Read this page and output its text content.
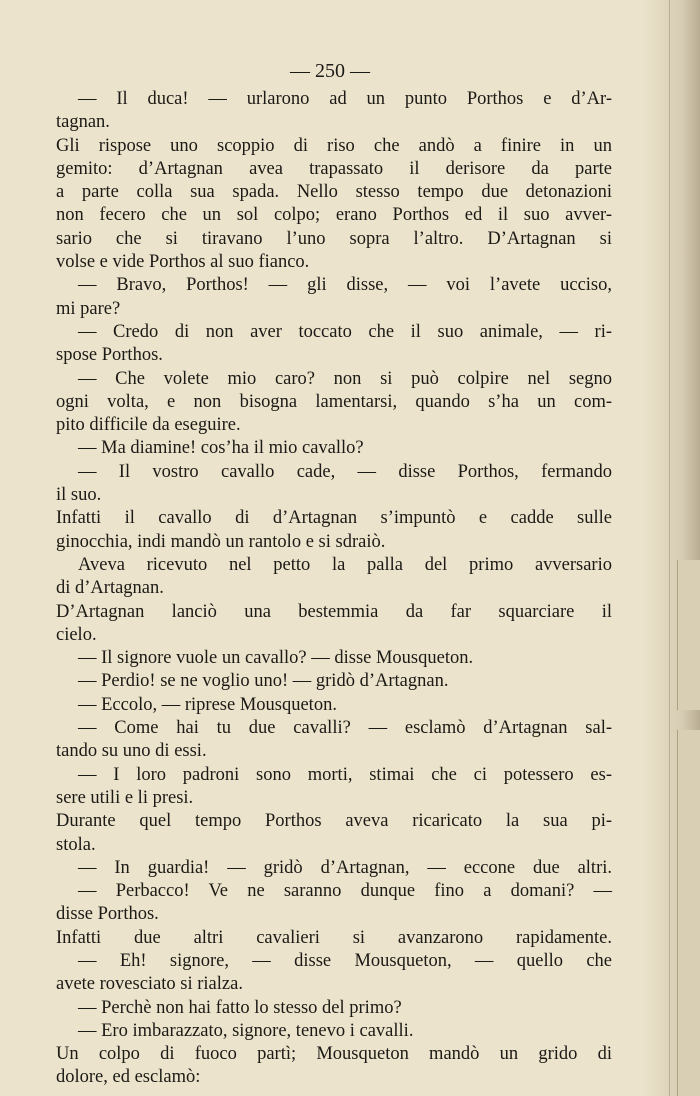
— 250 —
— Il duca! — urlarono ad un punto Porthos e d’Ar-
tagnan.
Gli rispose uno scoppio di riso che andò a finire in un
gemito: d’Artagnan avea trapassato il derisore da parte
a parte colla sua spada. Nello stesso tempo due detonazioni
non fecero che un sol colpo; erano Porthos ed il suo avver-
sario che si tiravano l’uno sopra l’altro. D’Artagnan si
volse e vide Porthos al suo fianco.
— Bravo, Porthos! — gli disse, — voi l’avete ucciso,
mi pare?
— Credo di non aver toccato che il suo animale, — ri-
spose Porthos.
— Che volete mio caro? non si può colpire nel segno
ogni volta, e non bisogna lamentarsi, quando s’ha un com-
pito difficile da eseguire.
— Ma diamine! cos’ha il mio cavallo?
— Il vostro cavallo cade, — disse Porthos, fermando
il suo.
Infatti il cavallo di d’Artagnan s’impuntò e cadde sulle
ginocchia, indi mandò un rantolo e si sdraiò.
Aveva ricevuto nel petto la palla del primo avversario
di d’Artagnan.
D’Artagnan lanciò una bestemmia da far squarciare il
cielo.
— Il signore vuole un cavallo? — disse Mousqueton.
— Perdio! se ne voglio uno! — gridò d’Artagnan.
— Eccolo, — riprese Mousqueton.
— Come hai tu due cavalli? — esclamò d’Artagnan sal-
tando su uno di essi.
— I loro padroni sono morti, stimai che ci potessero es-
sere utili e li presi.
Durante quel tempo Porthos aveva ricaricato la sua pi-
stola.
— In guardia! — gridò d’Artagnan, — eccone due altri.
— Perbacco! Ve ne saranno dunque fino a domani? —
disse Porthos.
Infatti due altri cavalieri si avanzarono rapidamente.
— Eh! signore, — disse Mousqueton, — quello che
avete rovesciato si rialza.
— Perchè non hai fatto lo stesso del primo?
— Ero imbarazzato, signore, tenevo i cavalli.
Un colpo di fuoco partì; Mousqueton mandò un grido di
dolore, ed esclamò:
